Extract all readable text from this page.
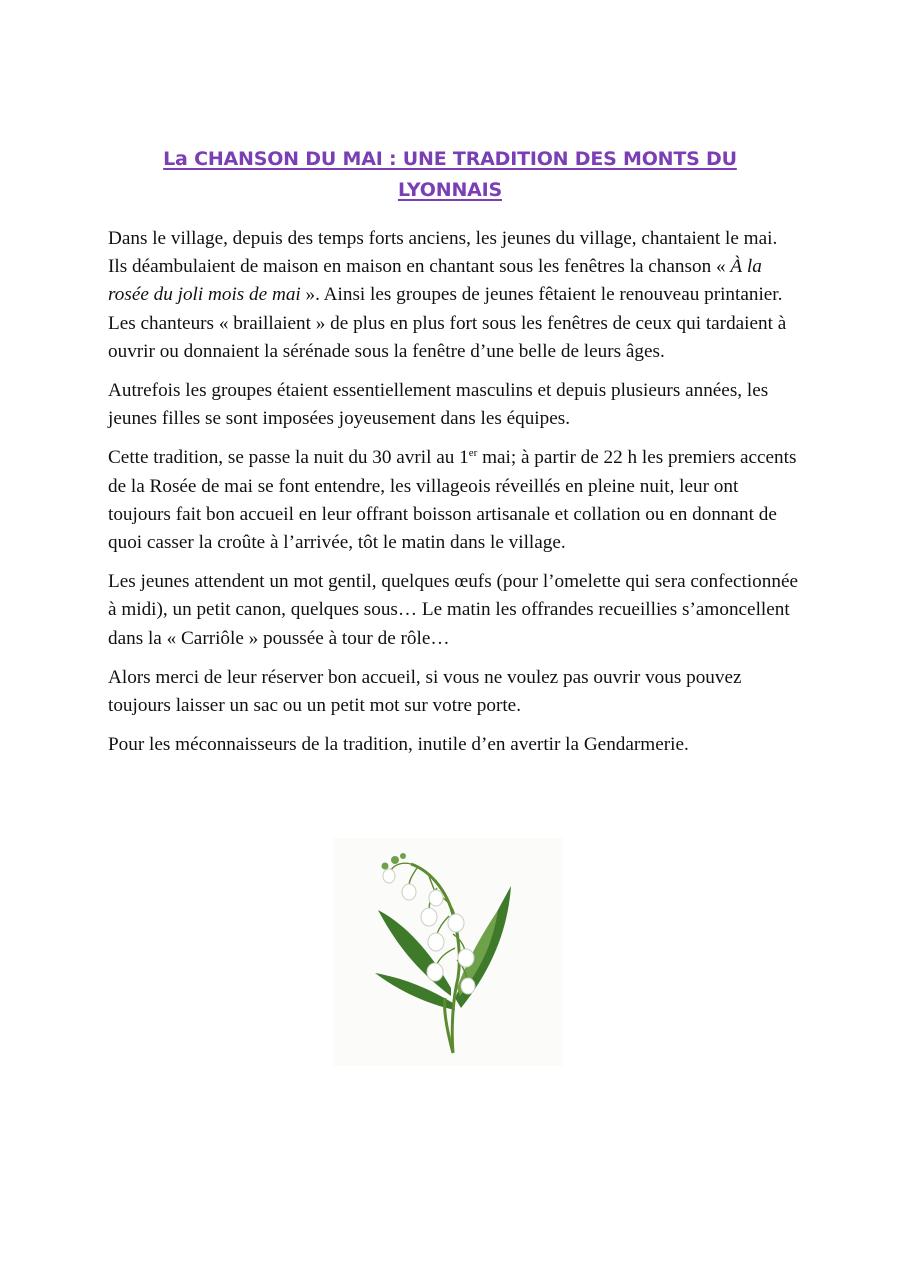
La CHANSON DU MAI : UNE TRADITION DES MONTS DU LYONNAIS

Dans le village, depuis des temps forts anciens, les jeunes du village, chantaient le mai. Ils déambulaient de maison en maison en chantant sous les fenêtres la chanson « À la rosée du joli mois de mai ». Ainsi les groupes de jeunes fêtaient le renouveau printanier. Les chanteurs « braillaient » de plus en plus fort sous les fenêtres de ceux qui tardaient à ouvrir ou donnaient la sérénade sous la fenêtre d’une belle de leurs âges.

Autrefois les groupes étaient essentiellement masculins et depuis plusieurs années, les jeunes filles se sont imposées joyeusement dans les équipes.

Cette tradition, se passe la nuit du 30 avril au 1er mai; à partir de 22 h les premiers accents de la Rosée de mai se font entendre, les villageois réveillés en pleine nuit, leur ont toujours fait bon accueil en leur offrant boisson artisanale et collation ou en donnant de quoi casser la croûte à l’arrivée, tôt le matin dans le village.

Les jeunes attendent un mot gentil, quelques œufs (pour l’omelette qui sera confectionnée à midi), un petit canon, quelques sous… Le matin les offrandes recueillies s’amoncellent dans la « Carriôle » poussée à tour de rôle…

Alors merci de leur réserver bon accueil, si vous ne voulez pas ouvrir vous pouvez toujours laisser un sac ou un petit mot sur votre porte.

Pour les méconnaisseurs de la tradition, inutile d’en avertir la Gendarmerie.
